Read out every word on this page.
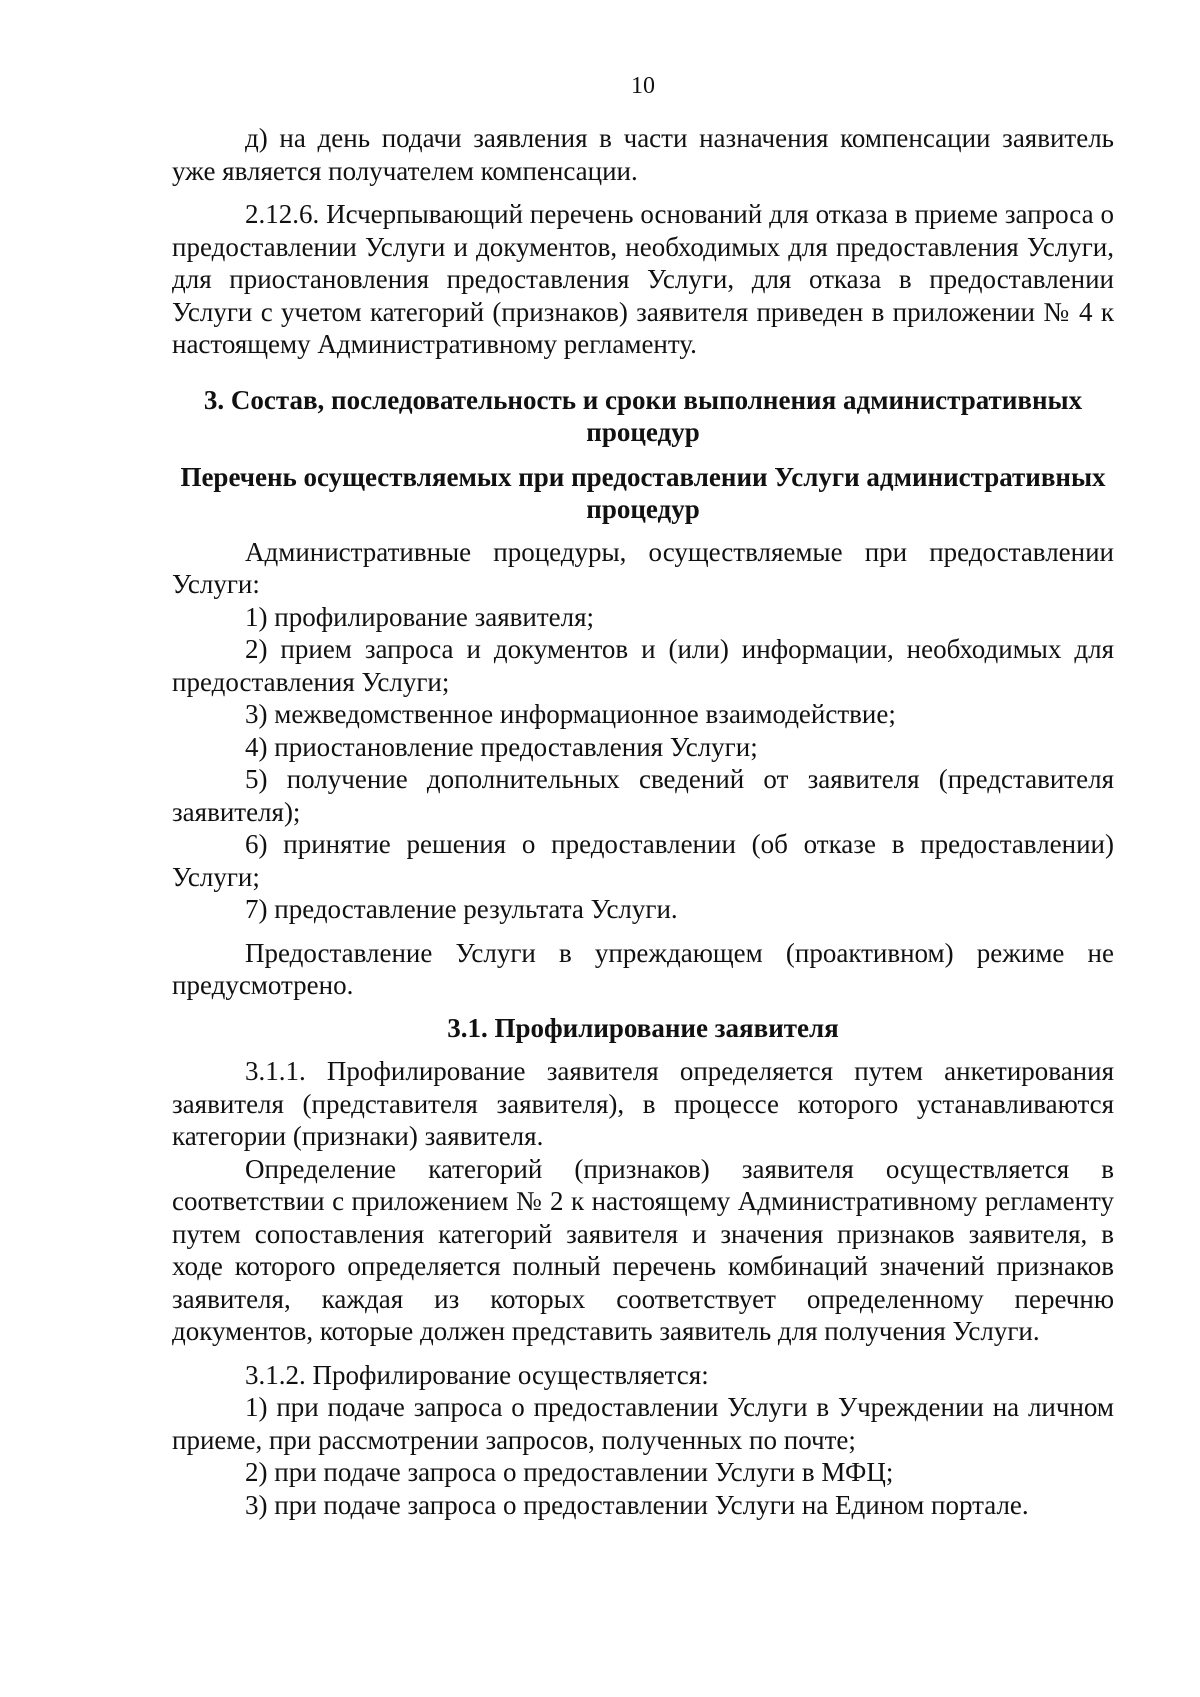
10

д) на день подачи заявления в части назначения компенсации заявитель уже является получателем компенсации.

2.12.6. Исчерпывающий перечень оснований для отказа в приеме запроса о предоставлении Услуги и документов, необходимых для предоставления Услуги, для приостановления предоставления Услуги, для отказа в предоставлении Услуги с учетом категорий (признаков) заявителя приведен в приложении № 4 к настоящему Административному регламенту.

3. Состав, последовательность и сроки выполнения административных процедур

Перечень осуществляемых при предоставлении Услуги административных процедур

Административные процедуры, осуществляемые при предоставлении Услуги:

1) профилирование заявителя;

2) прием запроса и документов и (или) информации, необходимых для предоставления Услуги;

3) межведомственное информационное взаимодействие;

4) приостановление предоставления Услуги;

5) получение дополнительных сведений от заявителя (представителя заявителя);

6) принятие решения о предоставлении (об отказе в предоставлении) Услуги;

7) предоставление результата Услуги.

Предоставление Услуги в упреждающем (проактивном) режиме не предусмотрено.

3.1. Профилирование заявителя

3.1.1. Профилирование заявителя определяется путем анкетирования заявителя (представителя заявителя), в процессе которого устанавливаются категории (признаки) заявителя.

Определение категорий (признаков) заявителя осуществляется в соответствии с приложением № 2 к настоящему Административному регламенту путем сопоставления категорий заявителя и значения признаков заявителя, в ходе которого определяется полный перечень комбинаций значений признаков заявителя, каждая из которых соответствует определенному перечню документов, которые должен представить заявитель для получения Услуги.

3.1.2. Профилирование осуществляется:

1) при подаче запроса о предоставлении Услуги в Учреждении на личном приеме, при рассмотрении запросов, полученных по почте;

2) при подаче запроса о предоставлении Услуги в МФЦ;

3) при подаче запроса о предоставлении Услуги на Едином портале.
